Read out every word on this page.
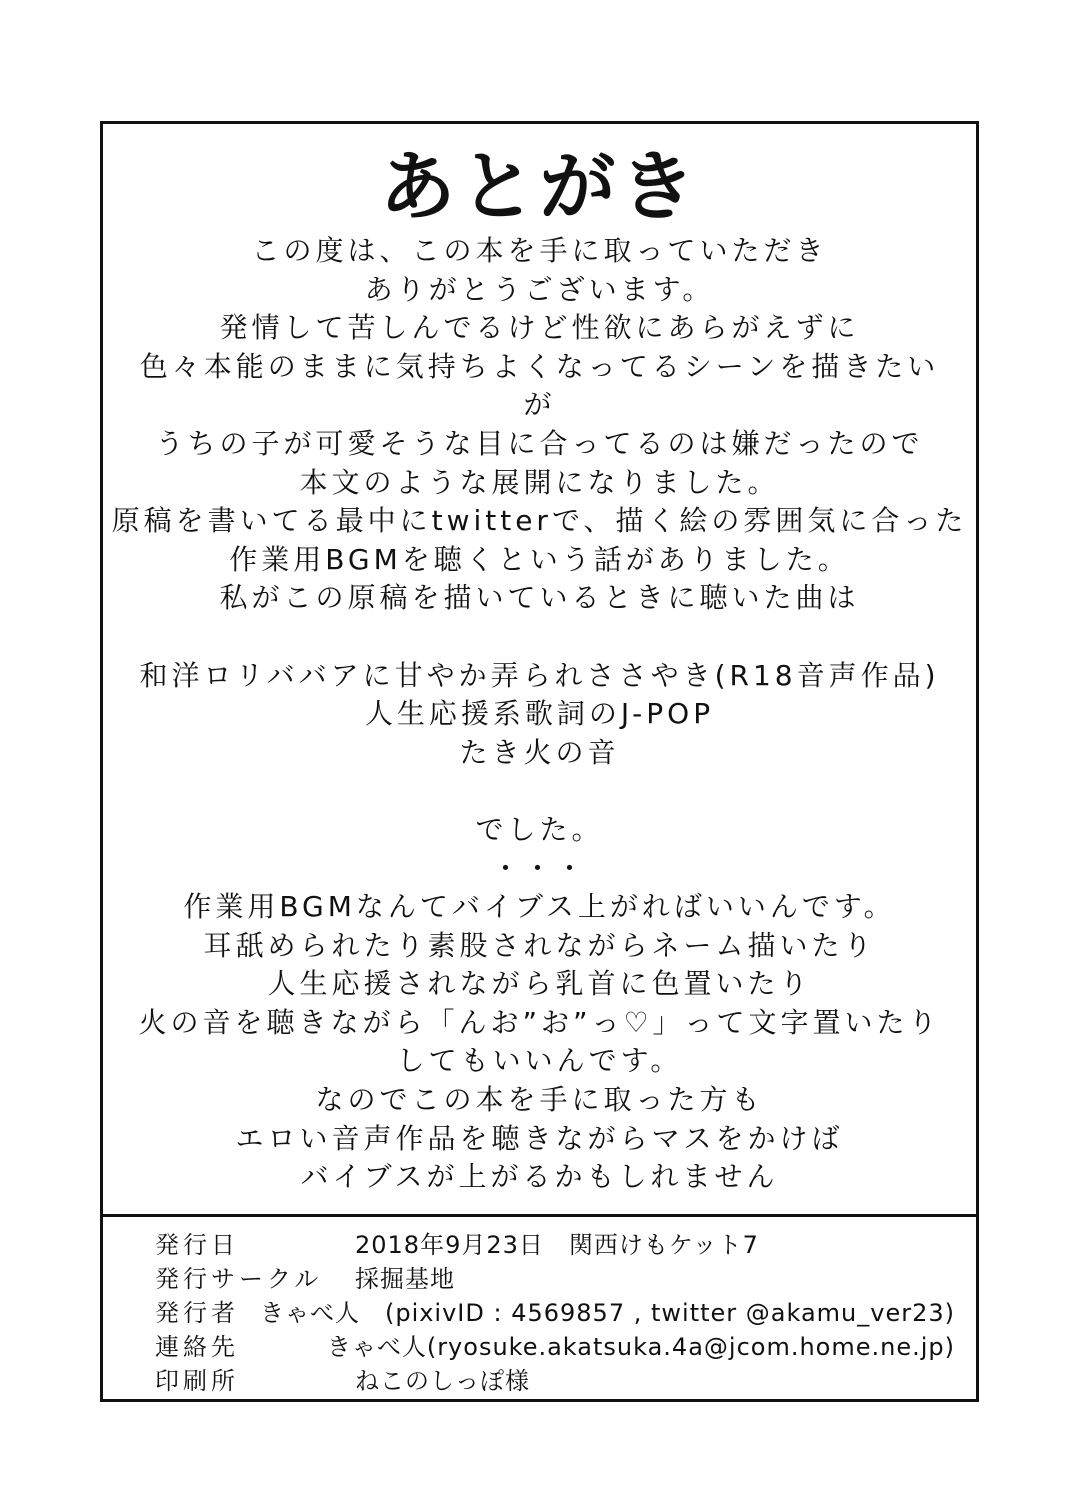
あとがき
この度は、この本を手に取っていただき
ありがとうございます。
発情して苦しんでるけど性欲にあらがえずに
色々本能のままに気持ちよくなってるシーンを描きたい
が
うちの子が可愛そうな目に合ってるのは嫌だったので
本文のような展開になりました。
原稿を書いてる最中にtwitterで、描く絵の雰囲気に合った
作業用BGMを聴くという話がありました。
私がこの原稿を描いているときに聴いた曲は
和洋ロリババアに甘やか弄られささやき(R18音声作品)
人生応援系歌詞のJ-POP
たき火の音
でした。
・・・
作業用BGMなんてバイブス上がればいいんです。
耳舐められたり素股されながらネーム描いたり
人生応援されながら乳首に色置いたり
火の音を聴きながら「んお”お”っ♡」って文字置いたり
してもいいんです。
なのでこの本を手に取った方も
エロい音声作品を聴きながらマスをかけば
バイブスが上がるかもしれません
発行日	2018年9月23日　関西けもケット7
発行サークル	採掘基地
発行者 きゃべ人　(pixivID : 4569857 , twitter @akamu_ver23)
連絡先	きゃべ人(ryosuke.akatsuka.4a@jcom.home.ne.jp)
印刷所	ねこのしっぽ様
